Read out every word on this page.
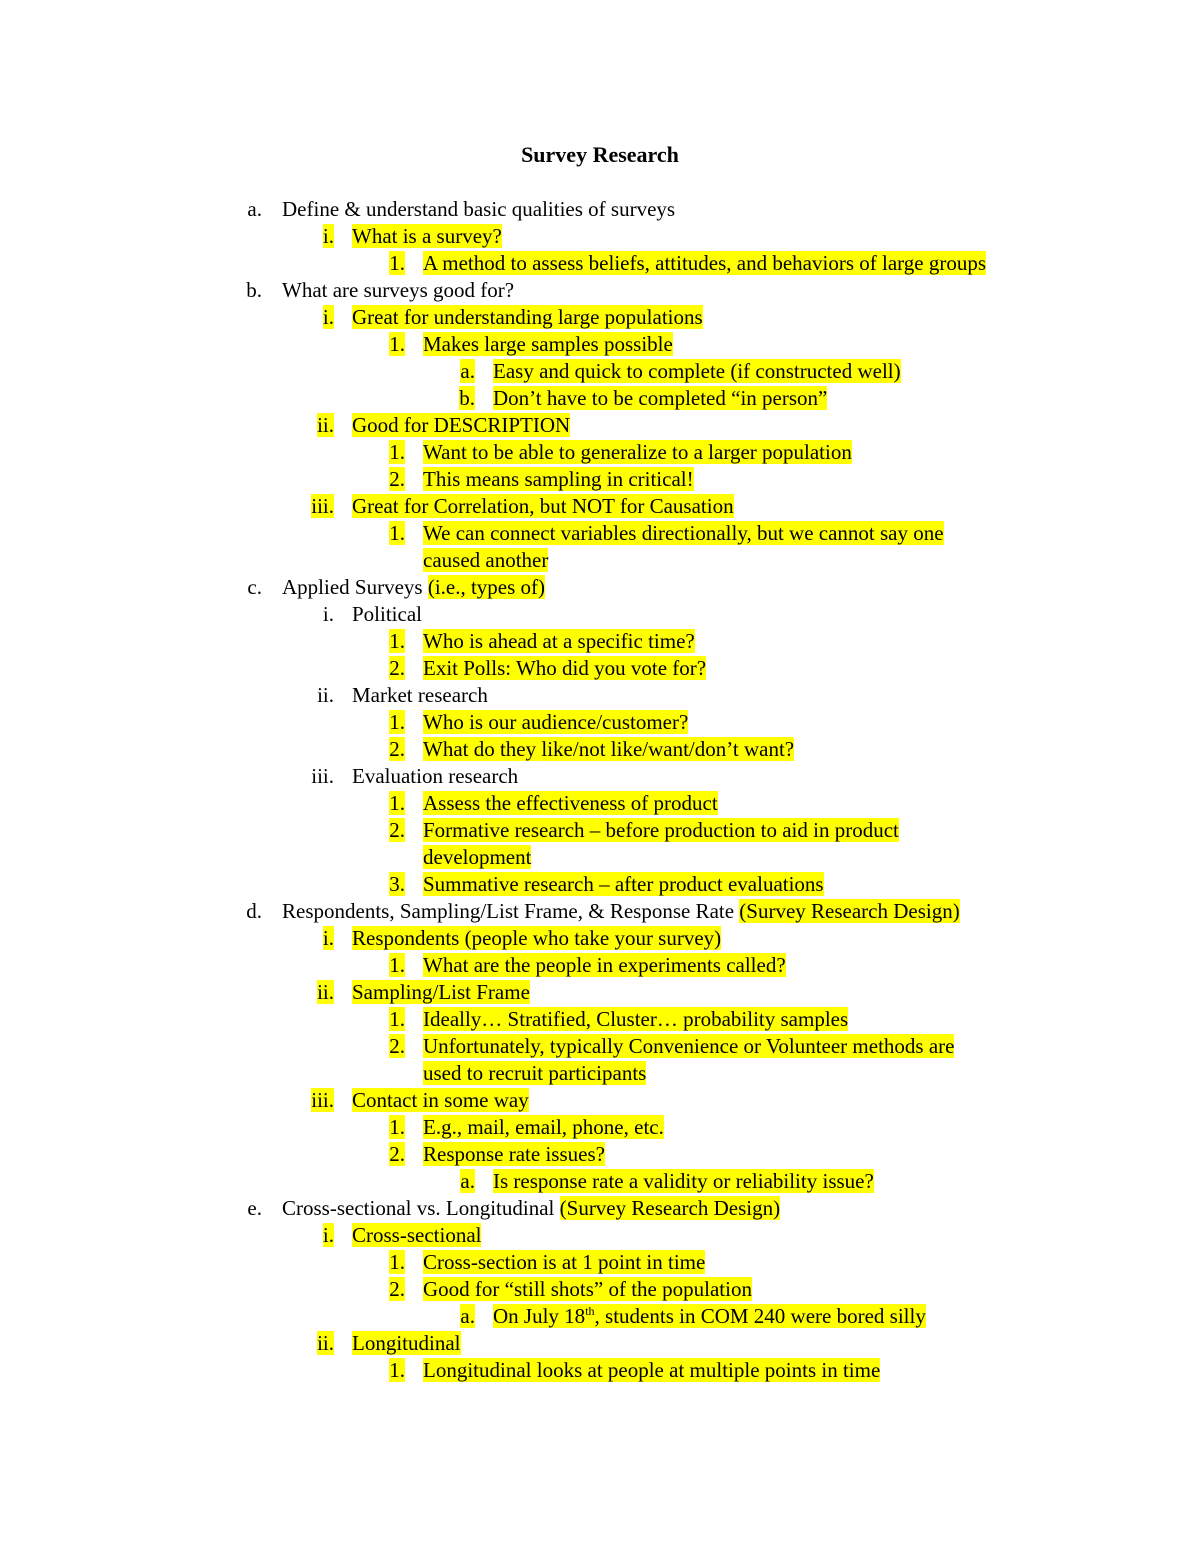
Survey Research
a. Define & understand basic qualities of surveys
i. What is a survey?
1. A method to assess beliefs, attitudes, and behaviors of large groups
b. What are surveys good for?
i. Great for understanding large populations
1. Makes large samples possible
a. Easy and quick to complete (if constructed well)
b. Don’t have to be completed “in person”
ii. Good for DESCRIPTION
1. Want to be able to generalize to a larger population
2. This means sampling in critical!
iii. Great for Correlation, but NOT for Causation
1. We can connect variables directionally, but we cannot say one
caused another
c. Applied Surveys (i.e., types of)
i. Political
1. Who is ahead at a specific time?
2. Exit Polls: Who did you vote for?
ii. Market research
1. Who is our audience/customer?
2. What do they like/not like/want/don’t want?
iii. Evaluation research
1. Assess the effectiveness of product
2. Formative research – before production to aid in product
development
3. Summative research – after product evaluations
d. Respondents, Sampling/List Frame, & Response Rate (Survey Research Design)
i. Respondents (people who take your survey)
1. What are the people in experiments called?
ii. Sampling/List Frame
1. Ideally… Stratified, Cluster… probability samples
2. Unfortunately, typically Convenience or Volunteer methods are
used to recruit participants
iii. Contact in some way
1. E.g., mail, email, phone, etc.
2. Response rate issues?
a. Is response rate a validity or reliability issue?
e. Cross-sectional vs. Longitudinal (Survey Research Design)
i. Cross-sectional
1. Cross-section is at 1 point in time
2. Good for “still shots” of the population
a. On July 18th, students in COM 240 were bored silly
ii. Longitudinal
1. Longitudinal looks at people at multiple points in time
